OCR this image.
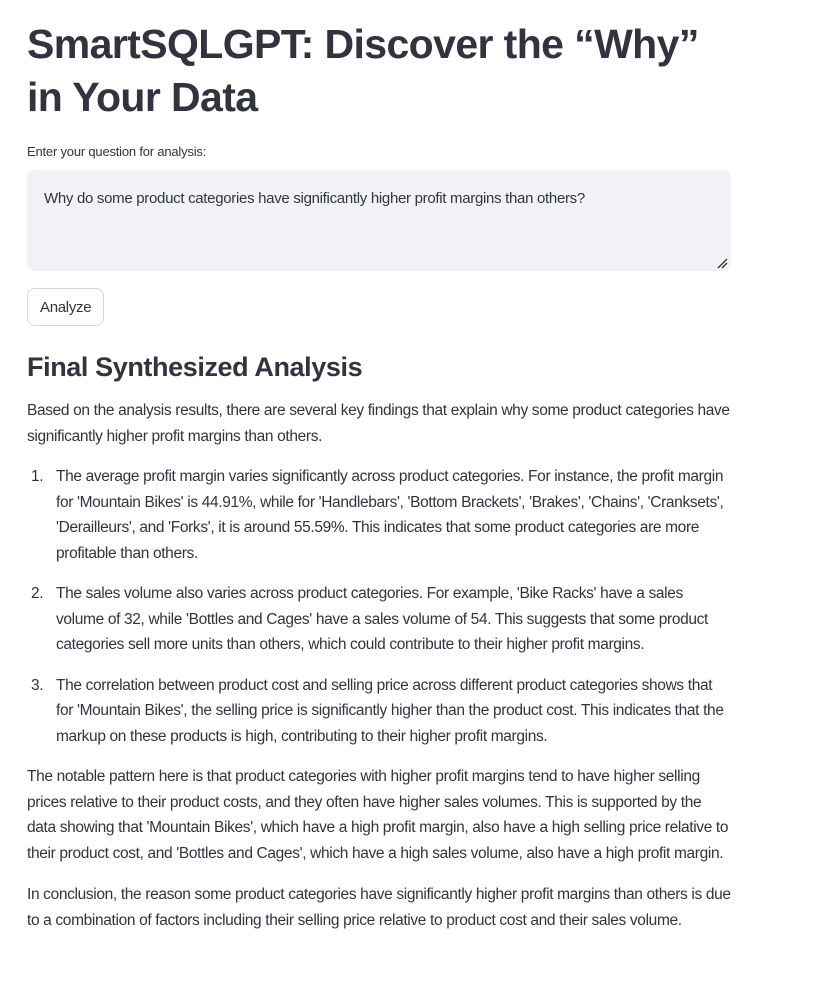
SmartSQLGPT: Discover the “Why” in Your Data
Enter your question for analysis:
Why do some product categories have significantly higher profit margins than others?
Analyze
Final Synthesized Analysis

Based on the analysis results, there are several key findings that explain why some product categories have significantly higher profit margins than others.

1. The average profit margin varies significantly across product categories. For instance, the profit margin for 'Mountain Bikes' is 44.91%, while for 'Handlebars', 'Bottom Brackets', 'Brakes', 'Chains', 'Cranksets', 'Derailleurs', and 'Forks', it is around 55.59%. This indicates that some product categories are more profitable than others.
2. The sales volume also varies across product categories. For example, 'Bike Racks' have a sales volume of 32, while 'Bottles and Cages' have a sales volume of 54. This suggests that some product categories sell more units than others, which could contribute to their higher profit margins.
3. The correlation between product cost and selling price across different product categories shows that for 'Mountain Bikes', the selling price is significantly higher than the product cost. This indicates that the markup on these products is high, contributing to their higher profit margins.

The notable pattern here is that product categories with higher profit margins tend to have higher selling prices relative to their product costs, and they often have higher sales volumes. This is supported by the data showing that 'Mountain Bikes', which have a high profit margin, also have a high selling price relative to their product cost, and 'Bottles and Cages', which have a high sales volume, also have a high profit margin.

In conclusion, the reason some product categories have significantly higher profit margins than others is due to a combination of factors including their selling price relative to product cost and their sales volume.
